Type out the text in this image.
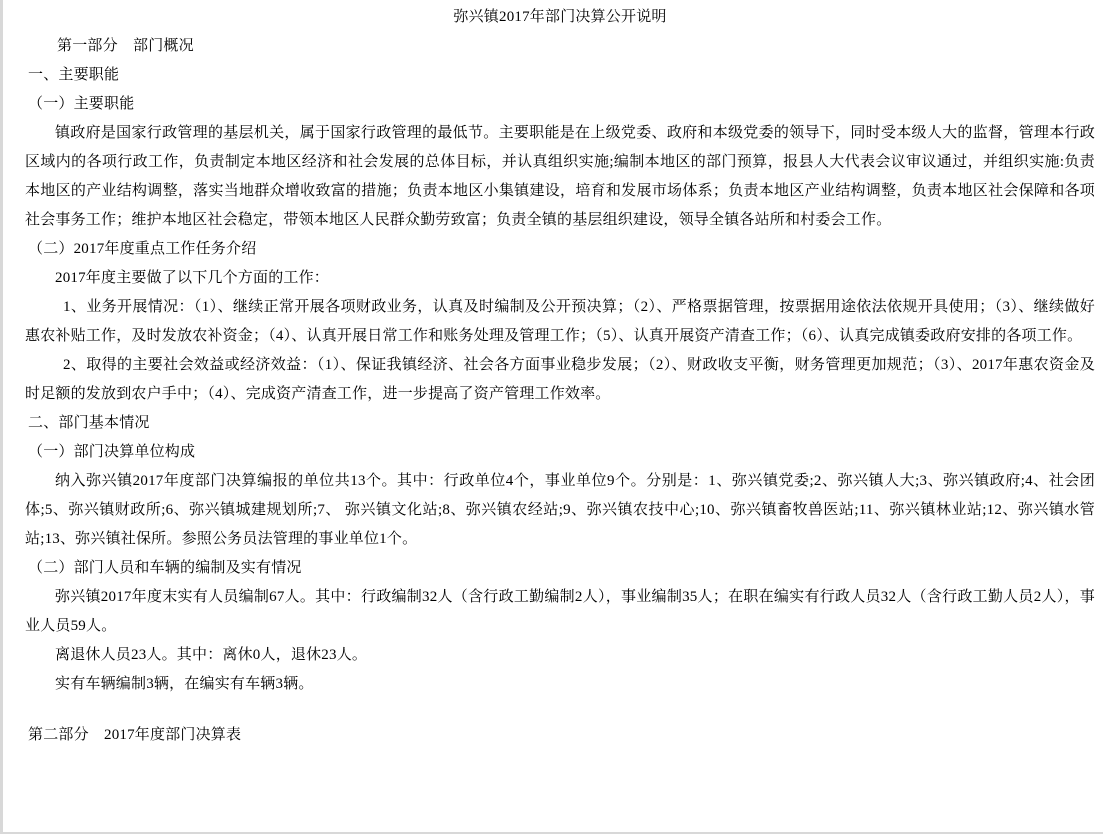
弥兴镇2017年部门决算公开说明

第一部分　部门概况

一、主要职能

（一）主要职能

镇政府是国家行政管理的基层机关，属于国家行政管理的最低节。主要职能是在上级党委、政府和本级党委的领导下，同时受本级人大的监督，管理本行政区域内的各项行政工作，负责制定本地区经济和社会发展的总体目标，并认真组织实施;编制本地区的部门预算，报县人大代表会议审议通过，并组织实施:负责本地区的产业结构调整，落实当地群众增收致富的措施；负责本地区小集镇建设，培育和发展市场体系；负责本地区产业结构调整，负责本地区社会保障和各项社会事务工作；维护本地区社会稳定，带领本地区人民群众勤劳致富；负责全镇的基层组织建设，领导全镇各站所和村委会工作。

（二）2017年度重点工作任务介绍

2017年度主要做了以下几个方面的工作：

1、业务开展情况：（1）、继续正常开展各项财政业务，认真及时编制及公开预决算；（2）、严格票据管理，按票据用途依法依规开具使用；（3）、继续做好惠农补贴工作，及时发放农补资金；（4）、认真开展日常工作和账务处理及管理工作；（5）、认真开展资产清查工作；（6）、认真完成镇委政府安排的各项工作。

2、取得的主要社会效益或经济效益：（1）、保证我镇经济、社会各方面事业稳步发展；（2）、财政收支平衡，财务管理更加规范；（3）、2017年惠农资金及时足额的发放到农户手中；（4）、完成资产清查工作，进一步提高了资产管理工作效率。

二、部门基本情况

（一）部门决算单位构成

纳入弥兴镇2017年度部门决算编报的单位共13个。其中：行政单位4个，事业单位9个。分别是：1、弥兴镇党委;2、弥兴镇人大;3、弥兴镇政府;4、社会团体;5、弥兴镇财政所;6、弥兴镇城建规划所;7、 弥兴镇文化站;8、弥兴镇农经站;9、弥兴镇农技中心;10、弥兴镇畜牧兽医站;11、弥兴镇林业站;12、弥兴镇水管站;13、弥兴镇社保所。参照公务员法管理的事业单位1个。

（二）部门人员和车辆的编制及实有情况

弥兴镇2017年度末实有人员编制67人。其中：行政编制32人（含行政工勤编制2人），事业编制35人；在职在编实有行政人员32人（含行政工勤人员2人），事业人员59人。

离退休人员23人。其中：离休0人，退休23人。

实有车辆编制3辆，在编实有车辆3辆。

第二部分　2017年度部门决算表
